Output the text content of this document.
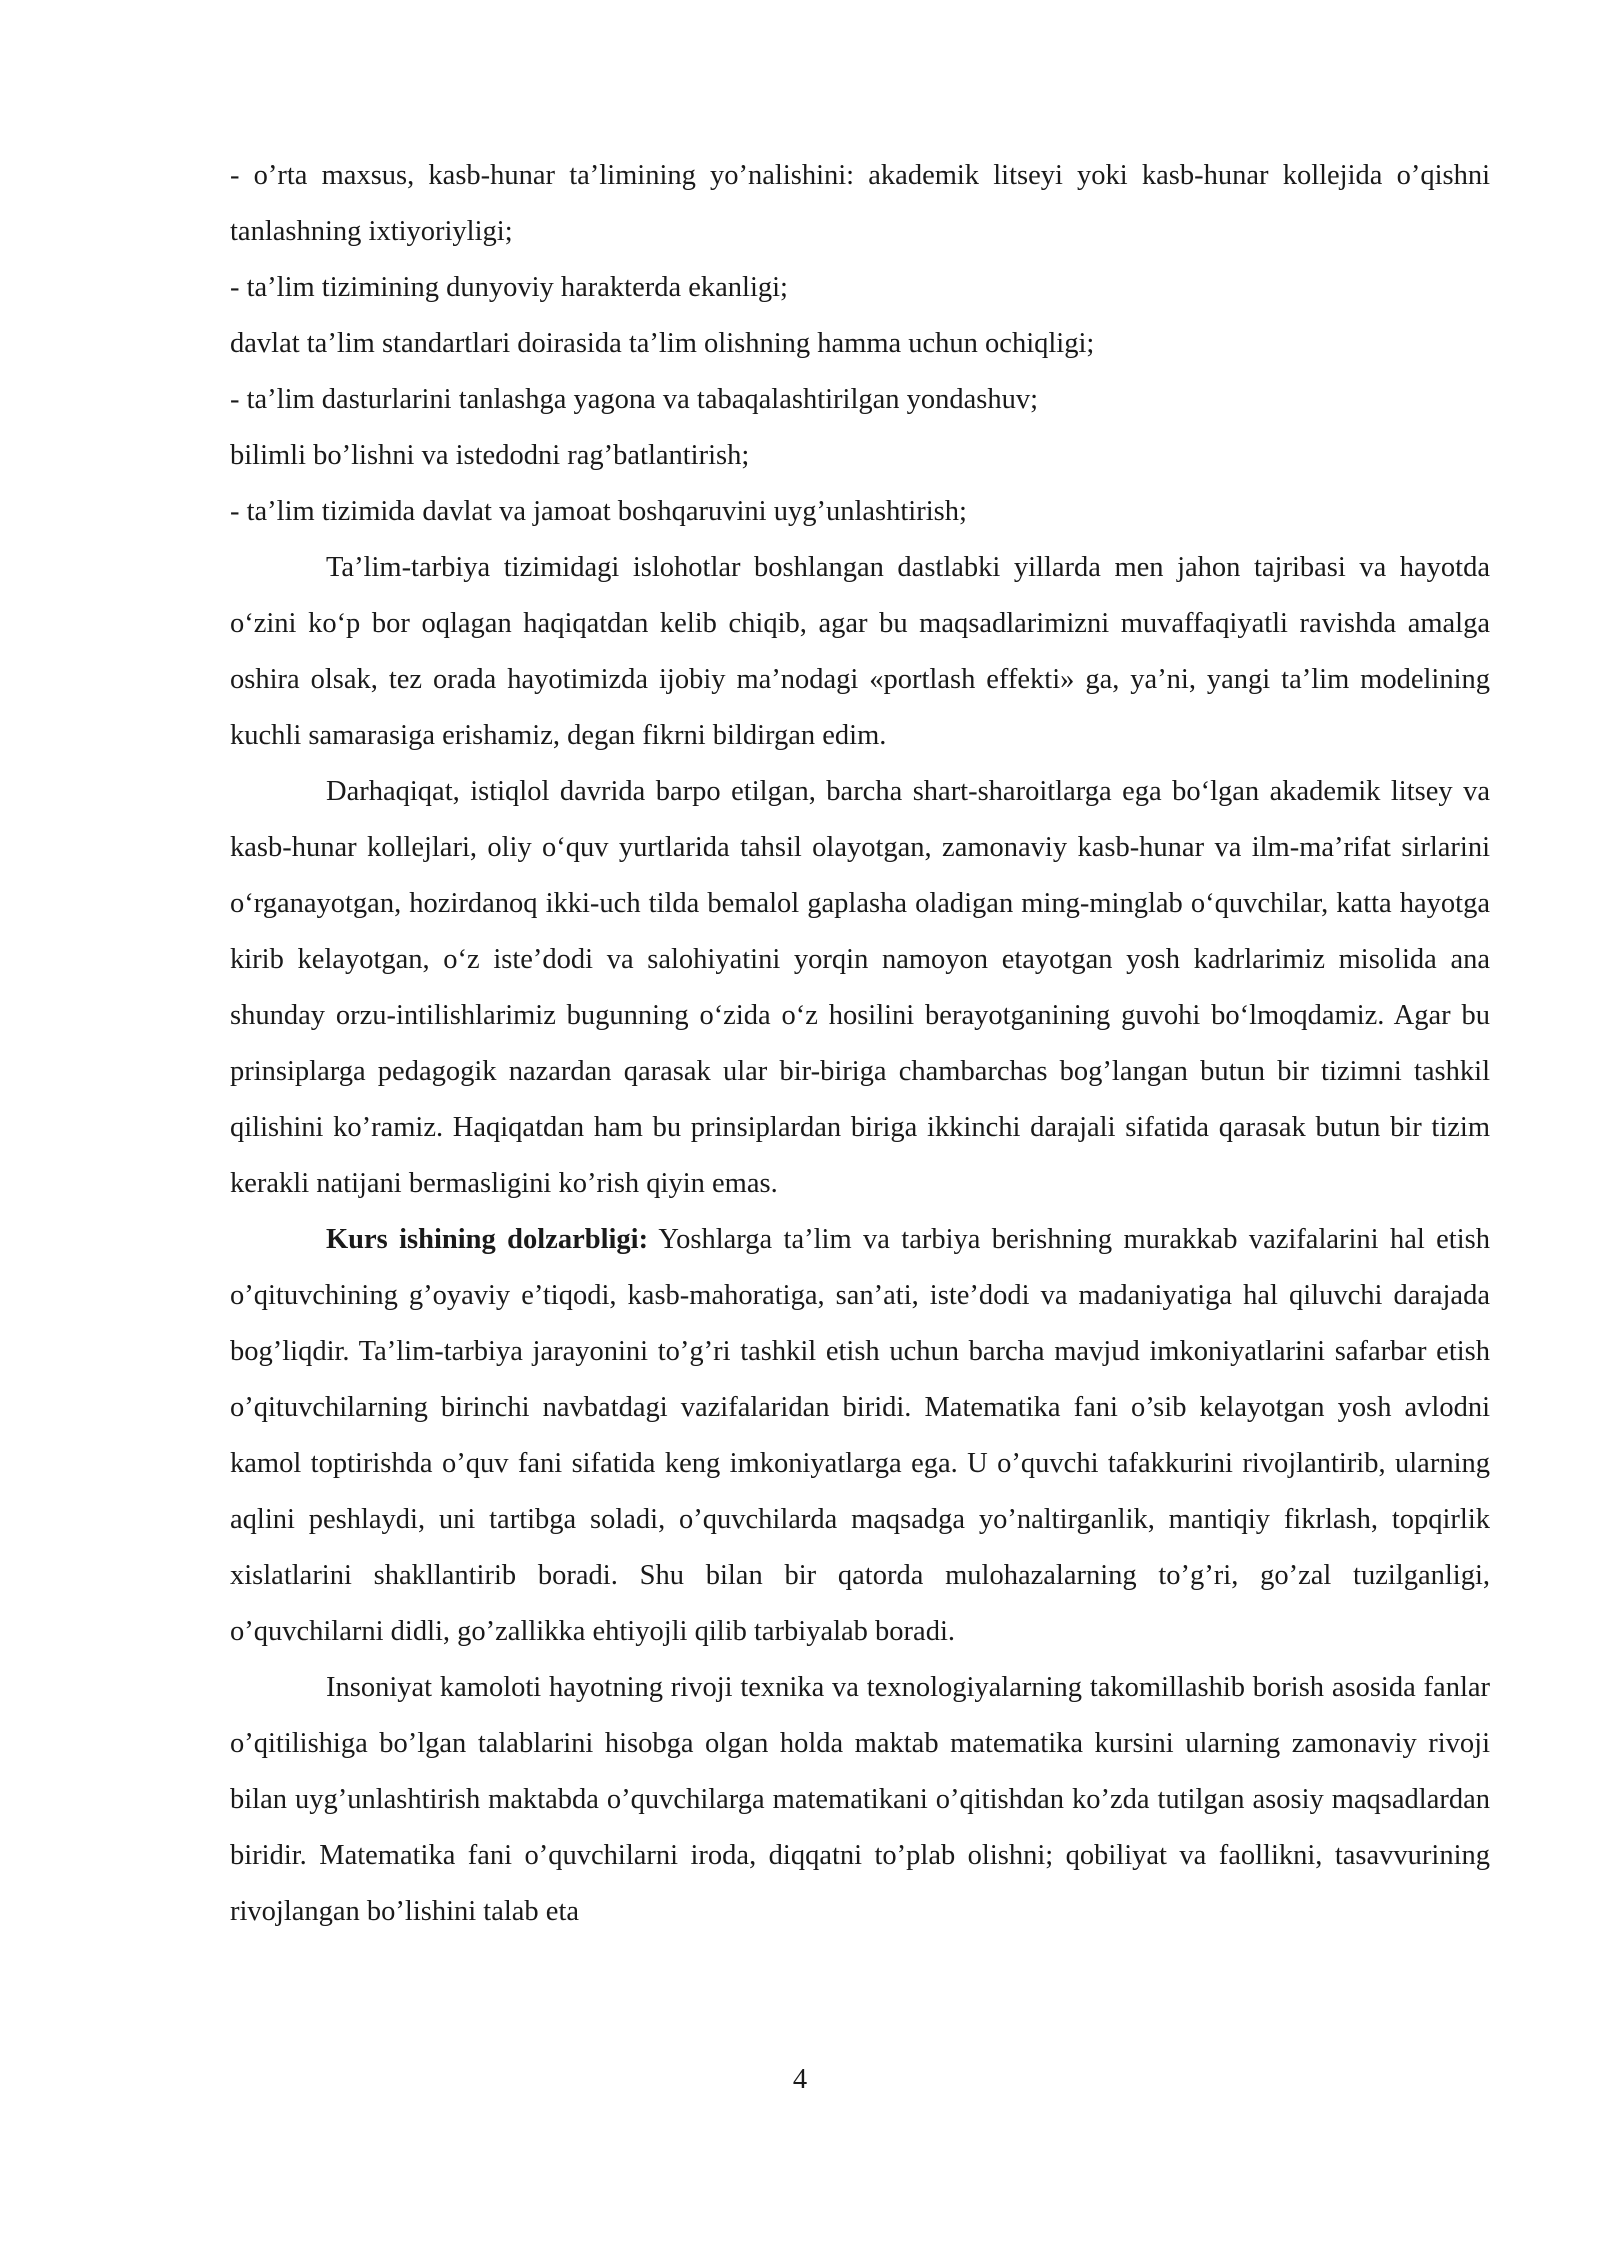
- o’rta maxsus, kasb-hunar ta’limining yo’nalishini: akademik litseyi yoki kasb-hunar kollejida o’qishni tanlashning ixtiyoriyligi;

- ta’lim tizimining dunyoviy harakterda ekanligi;

davlat ta’lim standartlari doirasida ta’lim olishning hamma uchun ochiqligi;

- ta’lim dasturlarini tanlashga yagona va tabaqalashtirilgan yondashuv;

bilimli bo’lishni va istedodni rag’batlantirish;

- ta’lim tizimida davlat va jamoat boshqaruvini uyg’unlashtirish;

Ta’lim-tarbiya tizimidagi islohotlar boshlangan dastlabki yillarda men jahon tajribasi va hayotda o‘zini ko‘p bor oqlagan haqiqatdan kelib chiqib, agar bu maqsadlarimizni muvaffaqiyatli ravishda amalga oshira olsak, tez orada hayotimizda ijobiy ma’nodagi «portlash effekti» ga, ya’ni, yangi ta’lim modelining kuchli samarasiga erishamiz, degan fikrni bildirgan edim.

Darhaqiqat, istiqlol davrida barpo etilgan, barcha shart-sharoitlarga ega bo‘lgan akademik litsey va kasb-hunar kollejlari, oliy o‘quv yurtlarida tahsil olayotgan, zamonaviy kasb-hunar va ilm-ma’rifat sirlarini o‘rganayotgan, hozirdanoq ikki-uch tilda bemalol gaplasha oladigan ming-minglab o‘quvchilar, katta hayotga kirib kelayotgan, o‘z iste’dodi va salohiyatini yorqin namoyon etayotgan yosh kadrlarimiz misolida ana shunday orzu-intilishlarimiz bugunning o‘zida o‘z hosilini berayotganining guvohi bo‘lmoqdamiz. Agar bu prinsiplarga pedagogik nazardan qarasak ular bir-biriga chambarchas bog’langan butun bir tizimni tashkil qilishini ko’ramiz. Haqiqatdan ham bu prinsiplardan biriga ikkinchi darajali sifatida qarasak butun bir tizim kerakli natijani bermasligini ko’rish qiyin emas.

Kurs ishining dolzarbligi: Yoshlarga ta’lim va tarbiya berishning murakkab vazifalarini hal etish o’qituvchining g’oyaviy e’tiqodi, kasb-mahoratiga, san’ati, iste’dodi va madaniyatiga hal qiluvchi darajada bog’liqdir. Ta’lim-tarbiya jarayonini to’g’ri tashkil etish uchun barcha mavjud imkoniyatlarini safarbar etish o’qituvchilarning birinchi navbatdagi vazifalaridan biridi. Matematika fani o’sib kelayotgan yosh avlodni kamol toptirishda o’quv fani sifatida keng imkoniyatlarga ega. U o’quvchi tafakkurini rivojlantirib, ularning aqlini peshlaydi, uni tartibga soladi, o’quvchilarda maqsadga yo’naltirganlik, mantiqiy fikrlash, topqirlik xislatlarini shakllantirib boradi. Shu bilan bir qatorda mulohazalarning to’g’ri, go’zal tuzilganligi, o’quvchilarni didli, go’zallikka ehtiyojli qilib tarbiyalab boradi.

Insoniyat kamoloti hayotning rivoji texnika va texnologiyalarning takomillashib borish asosida fanlar o’qitilishiga bo’lgan talablarini hisobga olgan holda maktab matematika kursini ularning zamonaviy rivoji bilan uyg’unlashtirish maktabda o’quvchilarga matematikani o’qitishdan ko’zda tutilgan asosiy maqsadlardan biridir. Matematika fani o’quvchilarni iroda, diqqatni to’plab olishni; qobiliyat va faollikni, tasavvurining rivojlangan bo’lishini talab eta

4
